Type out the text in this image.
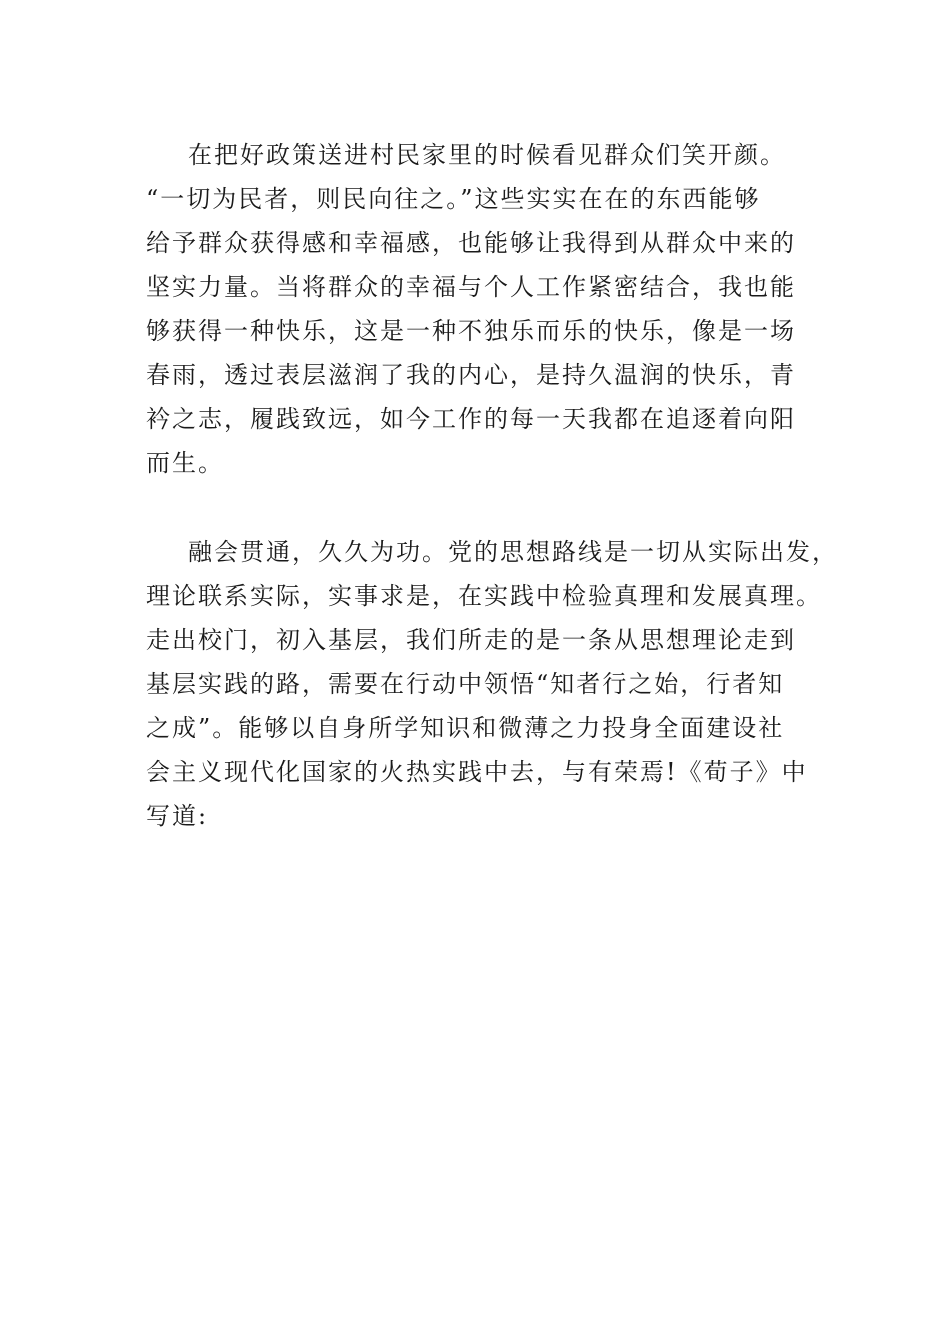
在把好政策送进村民家里的时候看见群众们笑开颜。
“一切为民者，则民向往之。”这些实实在在的东西能够
给予群众获得感和幸福感，也能够让我得到从群众中来的
坚实力量。当将群众的幸福与个人工作紧密结合，我也能
够获得一种快乐，这是一种不独乐而乐的快乐，像是一场
春雨，透过表层滋润了我的内心，是持久温润的快乐，青
衿之志，履践致远，如今工作的每一天我都在追逐着向阳
而生。
融会贯通，久久为功。党的思想路线是一切从实际出发，
理论联系实际，实事求是，在实践中检验真理和发展真理。
走出校门，初入基层，我们所走的是一条从思想理论走到
基层实践的路，需要在行动中领悟“知者行之始，行者知
之成”。能够以自身所学知识和微薄之力投身全面建设社
会主义现代化国家的火热实践中去，与有荣焉!《荀子》中
写道:
